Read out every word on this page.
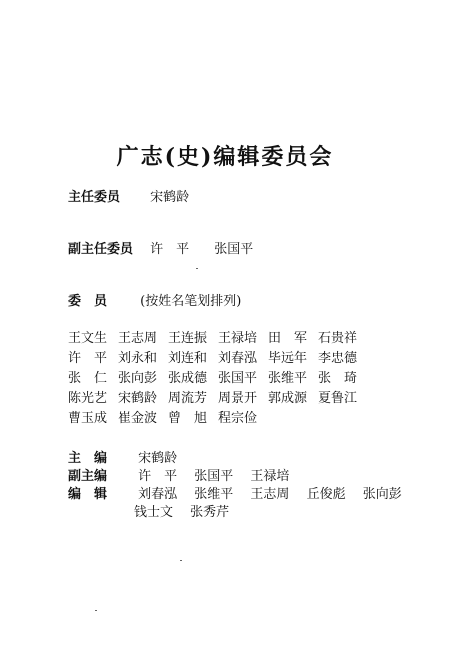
广志(史)编辑委员会
主任委员 宋鹤龄
副主任委员 许　平 张国平
委　员	(按姓名笔划排列)
王文生 王志周 王连振 王禄培 田　军 石贵祥
许　平 刘永和 刘连和 刘春泓 毕远年 李忠德
张　仁 张向彭 张成德 张国平 张维平 张　琦
陈光艺 宋鹤龄 周流芳 周景开 郭成源 夏鲁江
曹玉成 崔金波 曾　旭 程宗俭
主　编 宋鹤龄
副主编 许　平 张国平 王禄培
编　辑 刘春泓 张维平 王志周 丘俊彪 张向彭
钱士文 张秀芹
